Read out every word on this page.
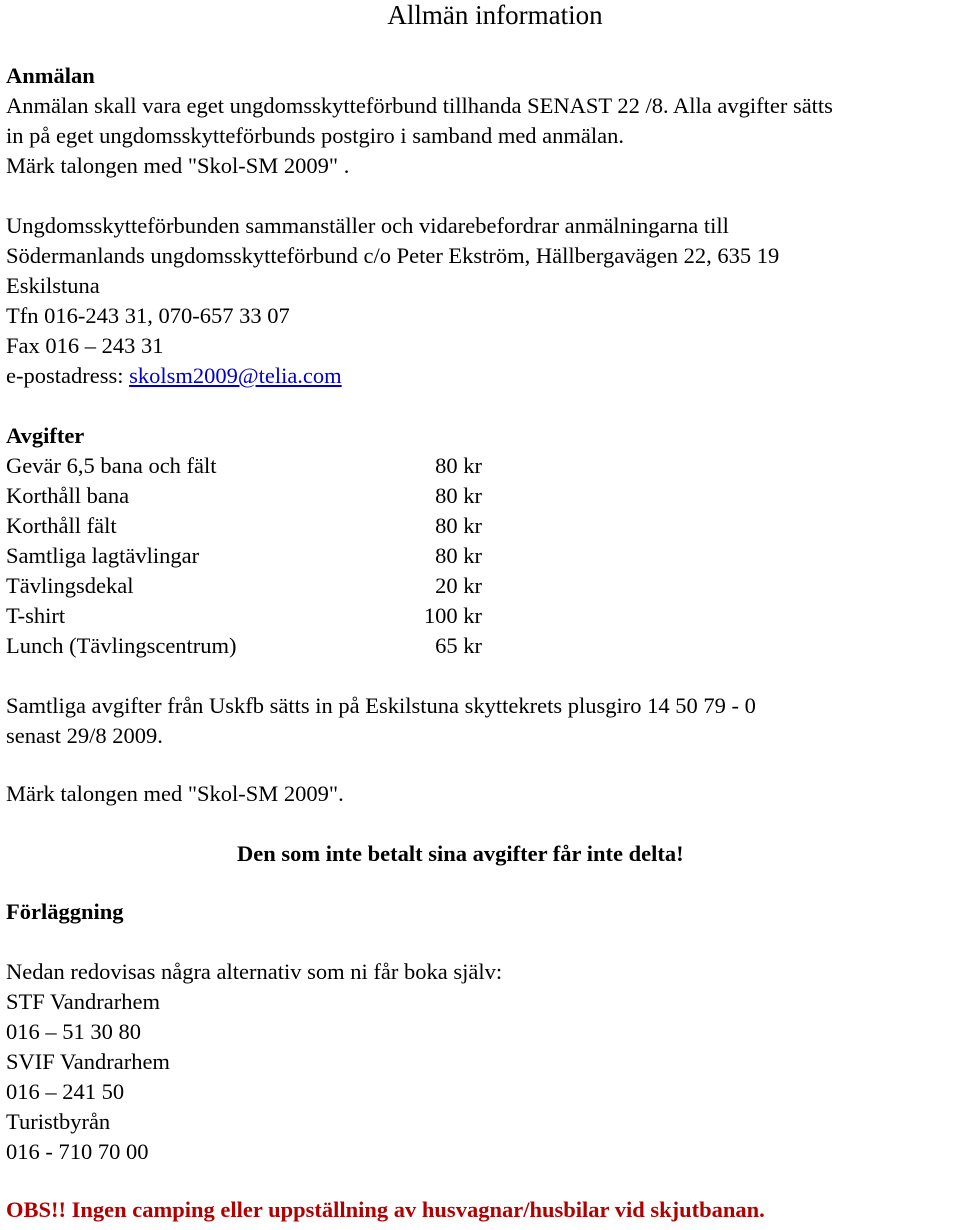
Allmän information
Anmälan
Anmälan skall vara eget ungdomsskytteförbund tillhanda SENAST 22 /8. Alla avgifter sätts
in på eget ungdomsskytteförbunds postgiro i samband med anmälan.
Märk talongen med "Skol-SM 2009" .
Ungdomsskytteförbunden sammanställer och vidarebefordrar anmälningarna till
Södermanlands ungdomsskytteförbund c/o Peter Ekström, Hällbergavägen 22, 635 19
Eskilstuna
Tfn 016-243 31, 070-657 33 07
Fax 016 – 243 31
e-postadress: skolsm2009@telia.com
Avgifter
Gevär 6,5 bana och fält	80 kr
Korthåll bana	80 kr
Korthåll fält	80 kr
Samtliga lagtävlingar	80 kr
Tävlingsdekal	20 kr
T-shirt	100 kr
Lunch (Tävlingscentrum)	65 kr
Samtliga avgifter från Uskfb sätts in på Eskilstuna skyttekrets plusgiro 14 50 79 - 0
senast 29/8 2009.
Märk talongen med "Skol-SM 2009".
Den som inte betalt sina avgifter får inte delta!
Förläggning
Nedan redovisas några alternativ som ni får boka själv:
STF Vandrarhem
016 – 51 30 80
SVIF Vandrarhem
016 – 241 50
Turistbyrån
016 - 710 70 00
OBS!! Ingen camping eller uppställning av husvagnar/husbilar vid skjutbanan.
